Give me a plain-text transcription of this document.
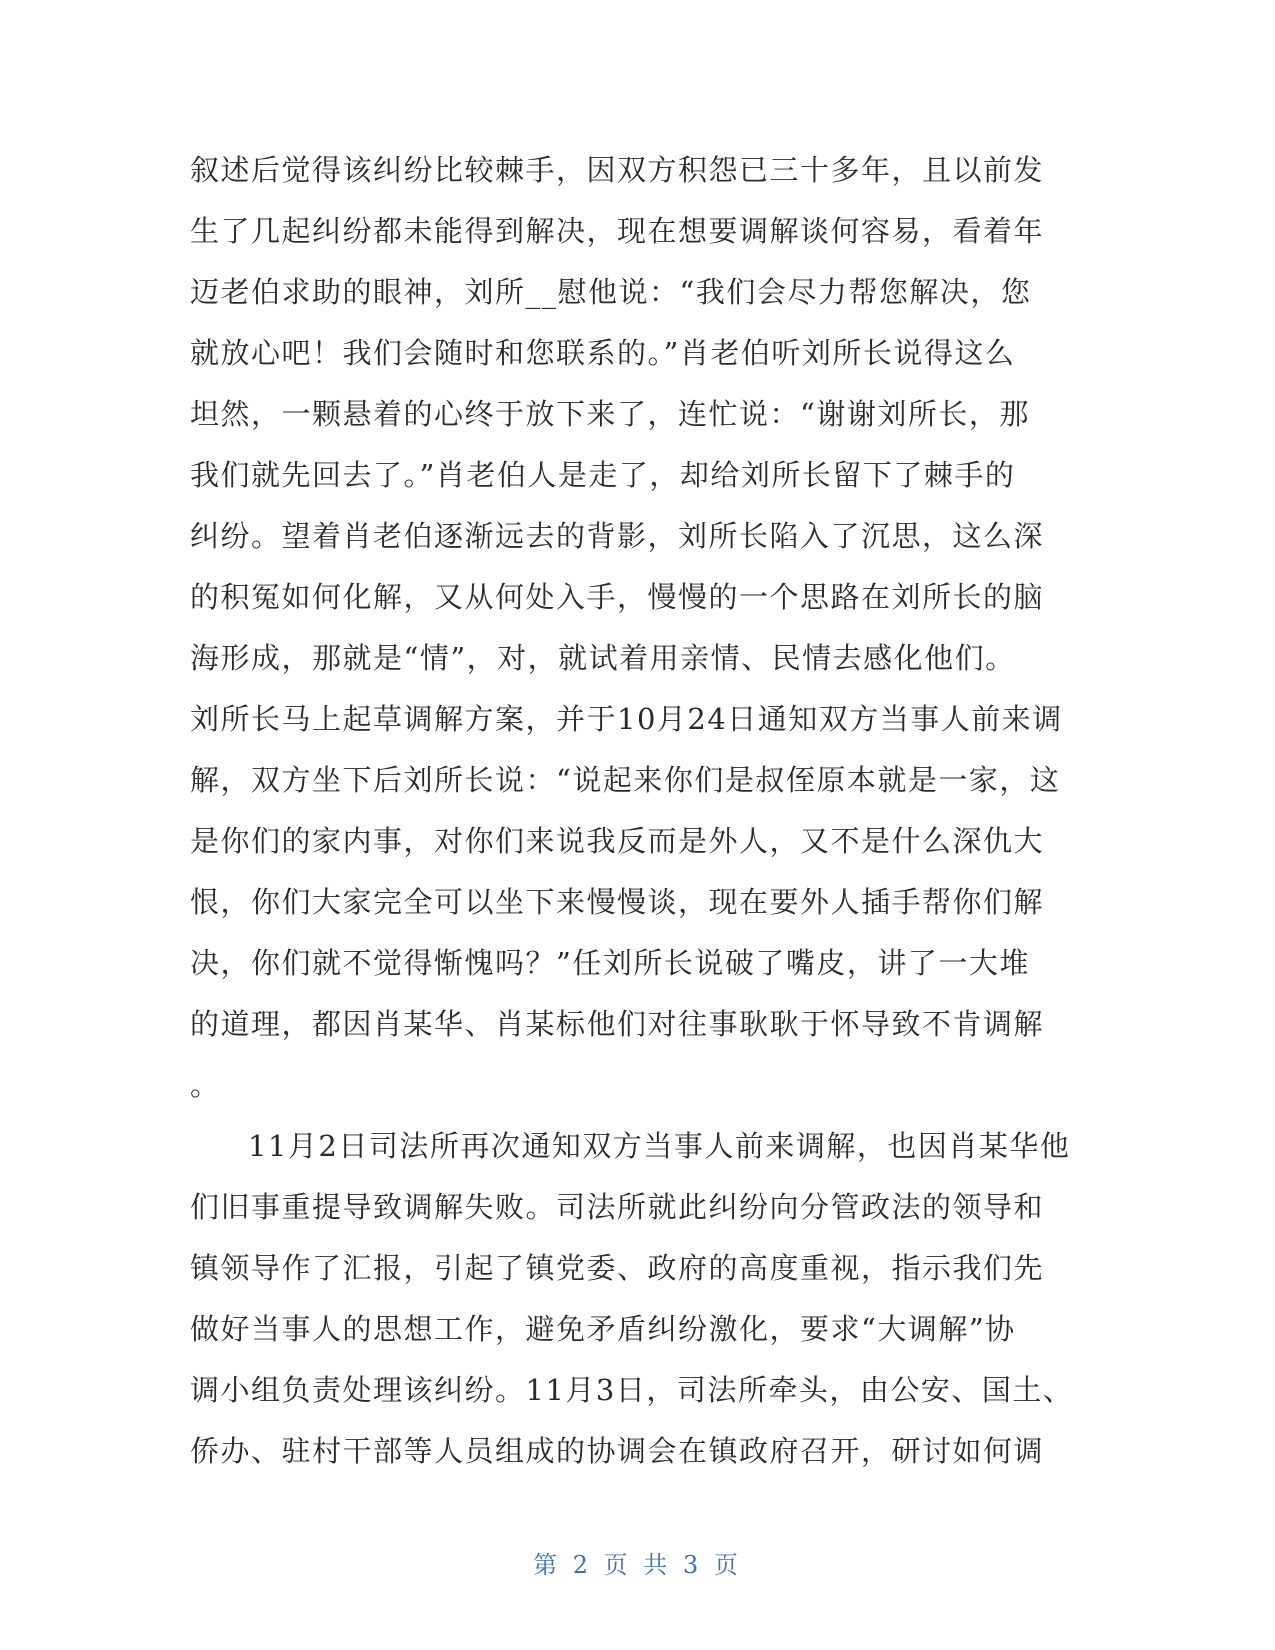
叙述后觉得该纠纷比较棘手，因双方积怨已三十多年，且以前发
生了几起纠纷都未能得到解决，现在想要调解谈何容易，看着年
迈老伯求助的眼神，刘所__慰他说：“我们会尽力帮您解决，您
就放心吧！我们会随时和您联系的。”肖老伯听刘所长说得这么
坦然，一颗悬着的心终于放下来了，连忙说：“谢谢刘所长，那
我们就先回去了。”肖老伯人是走了，却给刘所长留下了棘手的
纠纷。望着肖老伯逐渐远去的背影，刘所长陷入了沉思，这么深
的积冤如何化解，又从何处入手，慢慢的一个思路在刘所长的脑
海形成，那就是“情”，对，就试着用亲情、民情去感化他们。
刘所长马上起草调解方案，并于10月24日通知双方当事人前来调
解，双方坐下后刘所长说：“说起来你们是叔侄原本就是一家，这
是你们的家内事，对你们来说我反而是外人，又不是什么深仇大
恨，你们大家完全可以坐下来慢慢谈，现在要外人插手帮你们解
决，你们就不觉得惭愧吗？”任刘所长说破了嘴皮，讲了一大堆
的道理，都因肖某华、肖某标他们对往事耿耿于怀导致不肯调解
。
11月2日司法所再次通知双方当事人前来调解，也因肖某华他
们旧事重提导致调解失败。司法所就此纠纷向分管政法的领导和
镇领导作了汇报，引起了镇党委、政府的高度重视，指示我们先
做好当事人的思想工作，避免矛盾纠纷激化，要求“大调解”协
调小组负责处理该纠纷。11月3日，司法所牵头，由公安、国土、
侨办、驻村干部等人员组成的协调会在镇政府召开，研讨如何调
第 2 页 共 3 页
